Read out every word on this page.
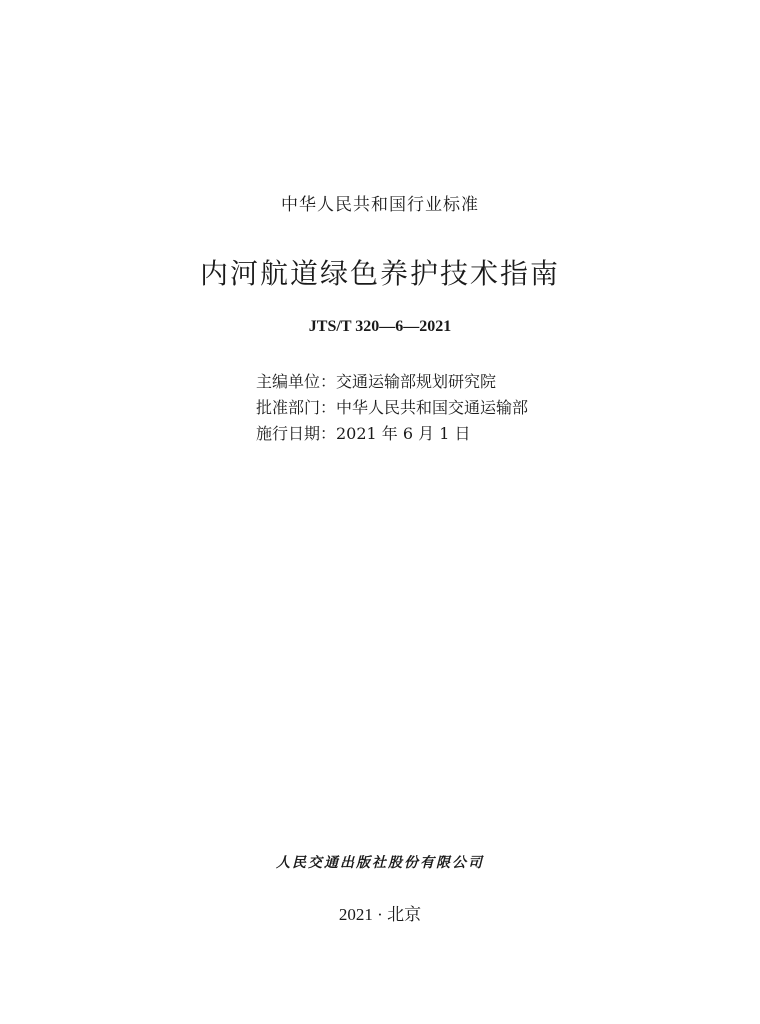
中华人民共和国行业标准
内河航道绿色养护技术指南
JTS/T 320—6—2021
主编单位：交通运输部规划研究院
批准部门：中华人民共和国交通运输部
施行日期：2021 年 6 月 1 日
人民交通出版社股份有限公司
2021 · 北京
